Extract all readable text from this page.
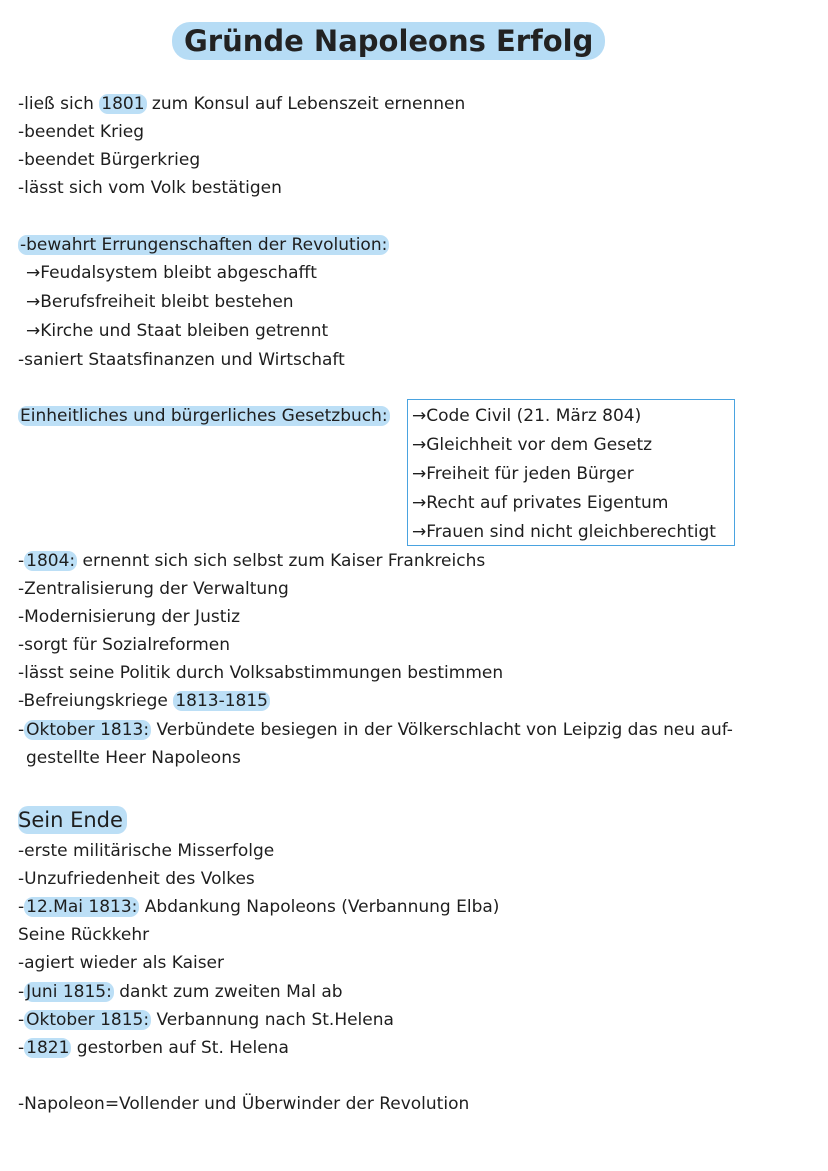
Gründe Napoleons Erfolg
-ließ sich 1801 zum Konsul auf Lebenszeit ernennen
-beendet Krieg
-beendet Bürgerkrieg
-lässt sich vom Volk bestätigen
-bewahrt Errungenschaften der Revolution:
→Feudalsystem bleibt abgeschafft
→Berufsfreiheit bleibt bestehen
→Kirche und Staat bleiben getrennt
-saniert Staatsfinanzen und Wirtschaft
Einheitliches und bürgerliches Gesetzbuch: →Code Civil (21. März 804)
→Gleichheit vor dem Gesetz
→Freiheit für jeden Bürger
→Recht auf privates Eigentum
→Frauen sind nicht gleichberechtigt
- 1804: ernennt sich sich selbst zum Kaiser Frankreichs
-Zentralisierung der Verwaltung
-Modernisierung der Justiz
-sorgt für Sozialreformen
-lässt seine Politik durch Volksabstimmungen bestimmen
-Befreiungskriege 1813-1815
- Oktober 1813: Verbündete besiegen in der Völkerschlacht von Leipzig das neu auf-
gestellte Heer Napoleons
Sein Ende
-erste militärische Misserfolge
-Unzufriedenheit des Volkes
- 12.Mai 1813: Abdankung Napoleons (Verbannung Elba)
Seine Rückkehr
-agiert wieder als Kaiser
- Juni 1815: dankt zum zweiten Mal ab
- Oktober 1815: Verbannung nach St.Helena
- 1821 gestorben auf St. Helena
-Napoleon=Vollender und Überwinder der Revolution
